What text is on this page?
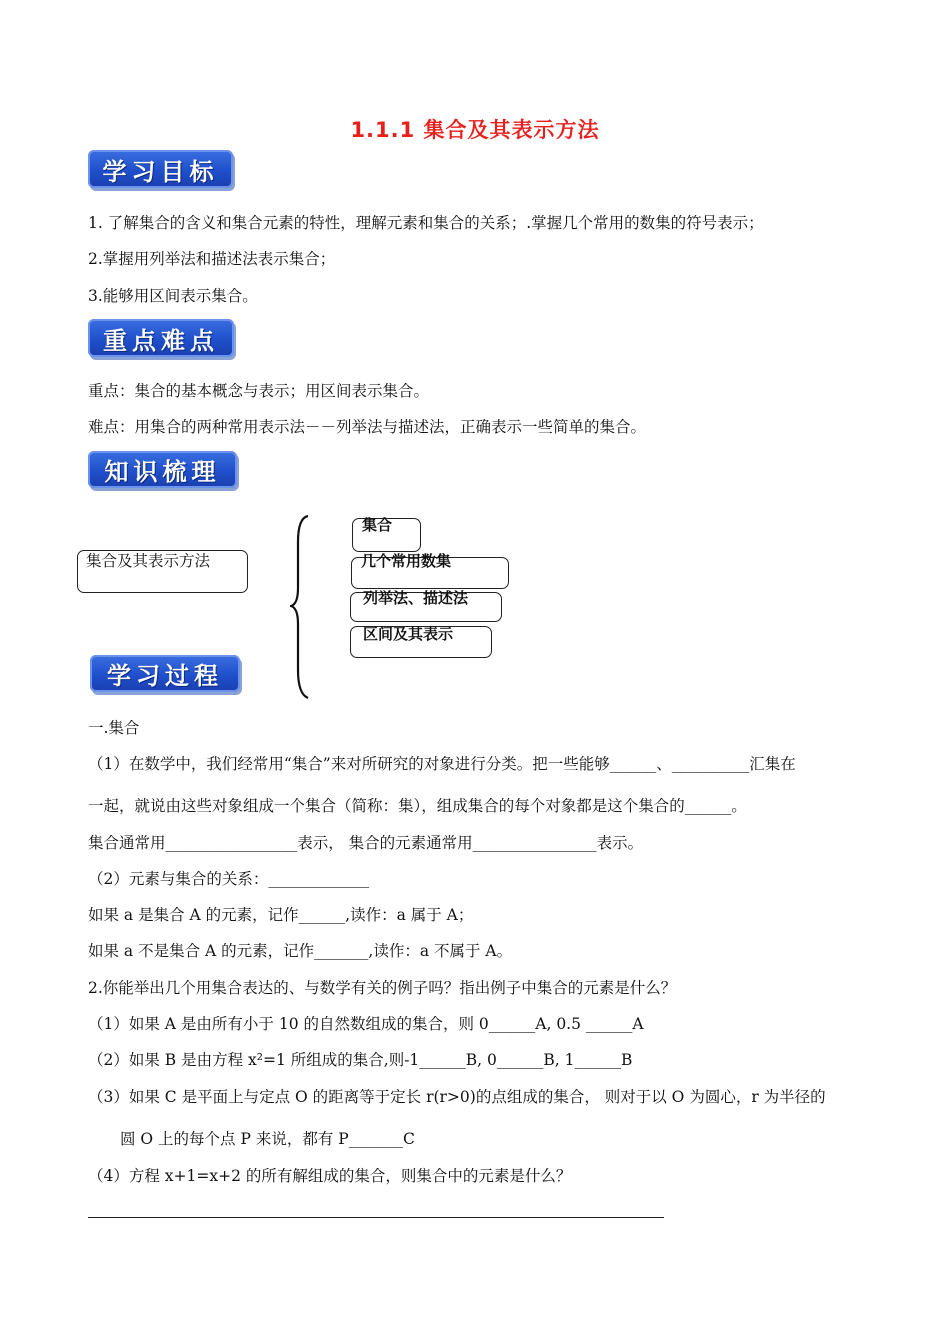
1.1.1 集合及其表示方法
学习目标
1. 了解集合的含义和集合元素的特性，理解元素和集合的关系；.掌握几个常用的数集的符号表示；
2.掌握用列举法和描述法表示集合；
3.能够用区间表示集合。
重点难点
重点：集合的基本概念与表示；用区间表示集合。
难点：用集合的两种常用表示法－－列举法与描述法，正确表示一些简单的集合。
知识梳理
集合及其表示方法
集合
几个常用数集
列举法、描述法
区间及其表示
学习过程
一.集合
（1）在数学中，我们经常用“集合”来对所研究的对象进行分类。把一些能够______、__________汇集在
一起，就说由这些对象组成一个集合（简称：集），组成集合的每个对象都是这个集合的______。
集合通常用_________________表示， 集合的元素通常用________________表示。
（2）元素与集合的关系：_____________
如果 a 是集合 A 的元素，记作______,读作：a 属于 A；
如果 a 不是集合 A 的元素，记作_______,读作：a 不属于 A。
2.你能举出几个用集合表达的、与数学有关的例子吗？指出例子中集合的元素是什么？
（1）如果 A 是由所有小于 10 的自然数组成的集合，则 0______A, 0.5 ______A
（2）如果 B 是由方程 x²=1 所组成的集合,则-1______B, 0______B, 1______B
（3）如果 C 是平面上与定点 O 的距离等于定长 r(r>0)的点组成的集合， 则对于以 O 为圆心，r 为半径的
圆 O 上的每个点 P 来说，都有 P_______C
（4）方程 x+1=x+2 的所有解组成的集合，则集合中的元素是什么？
